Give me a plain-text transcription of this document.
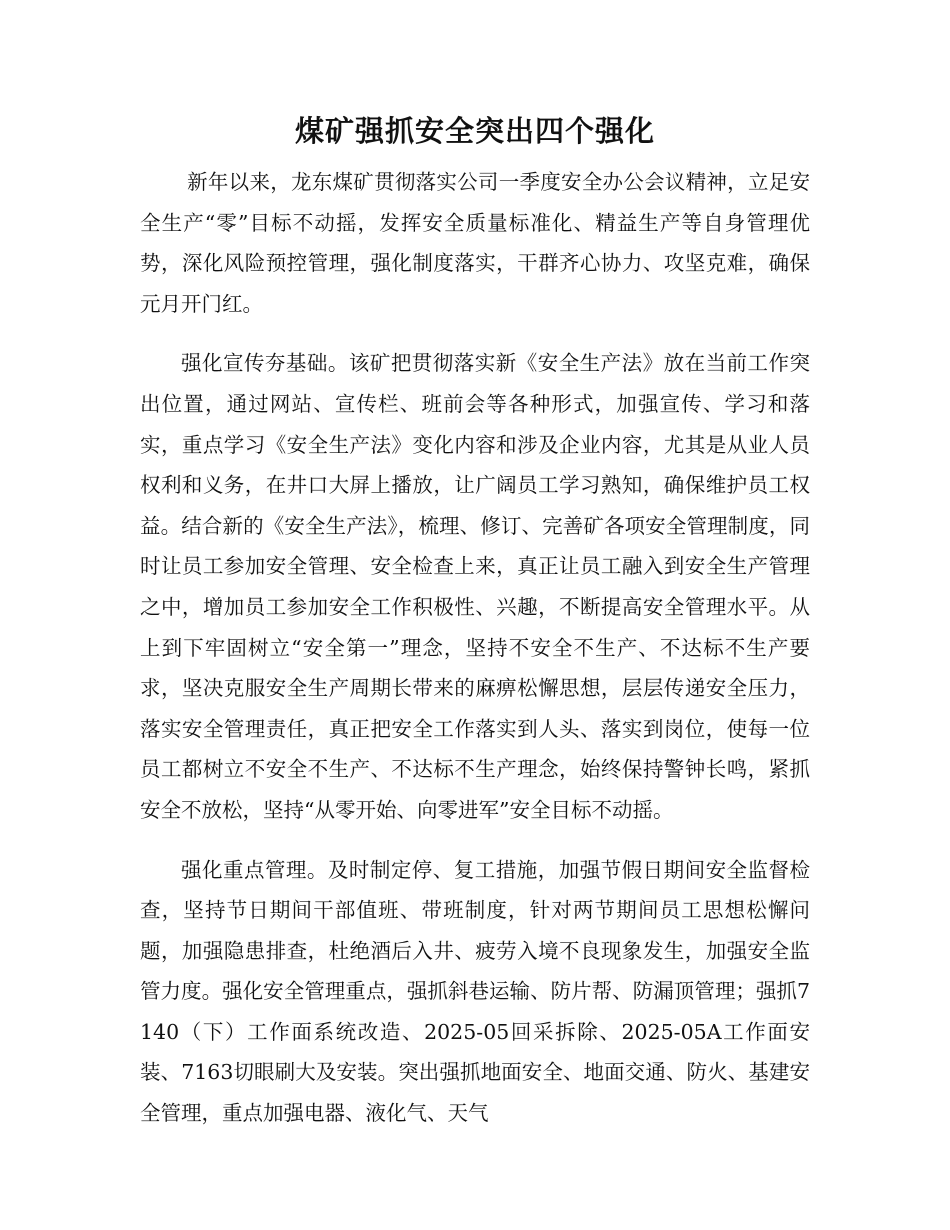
煤矿强抓安全突出四个强化

新年以来，龙东煤矿贯彻落实公司一季度安全办公会议精神，立足安全生产“零”目标不动摇，发挥安全质量标准化、精益生产等自身管理优势，深化风险预控管理，强化制度落实，干群齐心协力、攻坚克难，确保元月开门红。

强化宣传夯基础。该矿把贯彻落实新《安全生产法》放在当前工作突出位置，通过网站、宣传栏、班前会等各种形式，加强宣传、学习和落实，重点学习《安全生产法》变化内容和涉及企业内容，尤其是从业人员权利和义务，在井口大屏上播放，让广阔员工学习熟知，确保维护员工权益。结合新的《安全生产法》，梳理、修订、完善矿各项安全管理制度，同时让员工参加安全管理、安全检查上来，真正让员工融入到安全生产管理之中，增加员工参加安全工作积极性、兴趣，不断提高安全管理水平。从上到下牢固树立“安全第一”理念，坚持不安全不生产、不达标不生产要求，坚决克服安全生产周期长带来的麻痹松懈思想，层层传递安全压力，落实安全管理责任，真正把安全工作落实到人头、落实到岗位，使每一位员工都树立不安全不生产、不达标不生产理念，始终保持警钟长鸣，紧抓安全不放松，坚持“从零开始、向零进军”安全目标不动摇。

强化重点管理。及时制定停、复工措施，加强节假日期间安全监督检查，坚持节日期间干部值班、带班制度，针对两节期间员工思想松懈问题，加强隐患排查，杜绝酒后入井、疲劳入境不良现象发生，加强安全监管力度。强化安全管理重点，强抓斜巷运输、防片帮、防漏顶管理；强抓7140（下）工作面系统改造、2025-05回采拆除、2025-05A工作面安装、7163切眼刷大及安装。突出强抓地面安全、地面交通、防火、基建安全管理，重点加强电器、液化气、天气
